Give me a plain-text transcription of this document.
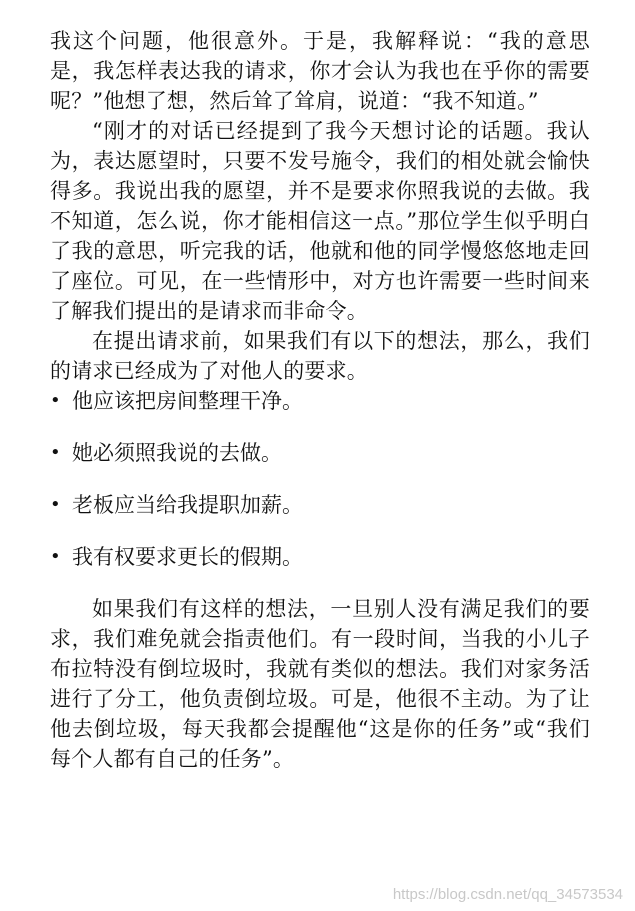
我这个问题，他很意外。于是，我解释说：“我的意思是，我怎样表达我的请求，你才会认为我也在乎你的需要呢？”他想了想，然后耸了耸肩，说道：“我不知道。”

“刚才的对话已经提到了我今天想讨论的话题。我认为，表达愿望时，只要不发号施令，我们的相处就会愉快得多。我说出我的愿望，并不是要求你照我说的去做。我不知道，怎么说，你才能相信这一点。”那位学生似乎明白了我的意思，听完我的话，他就和他的同学慢悠悠地走回了座位。可见，在一些情形中，对方也许需要一些时间来了解我们提出的是请求而非命令。

在提出请求前，如果我们有以下的想法，那么，我们的请求已经成为了对他人的要求。

• 他应该把房间整理干净。
• 她必须照我说的去做。
• 老板应当给我提职加薪。
• 我有权要求更长的假期。

如果我们有这样的想法，一旦别人没有满足我们的要求，我们难免就会指责他们。有一段时间，当我的小儿子布拉特没有倒垃圾时，我就有类似的想法。我们对家务活进行了分工，他负责倒垃圾。可是，他很不主动。为了让他去倒垃圾，每天我都会提醒他“这是你的任务”或“我们每个人都有自己的任务”。

https://blog.csdn.net/qq_34573534
